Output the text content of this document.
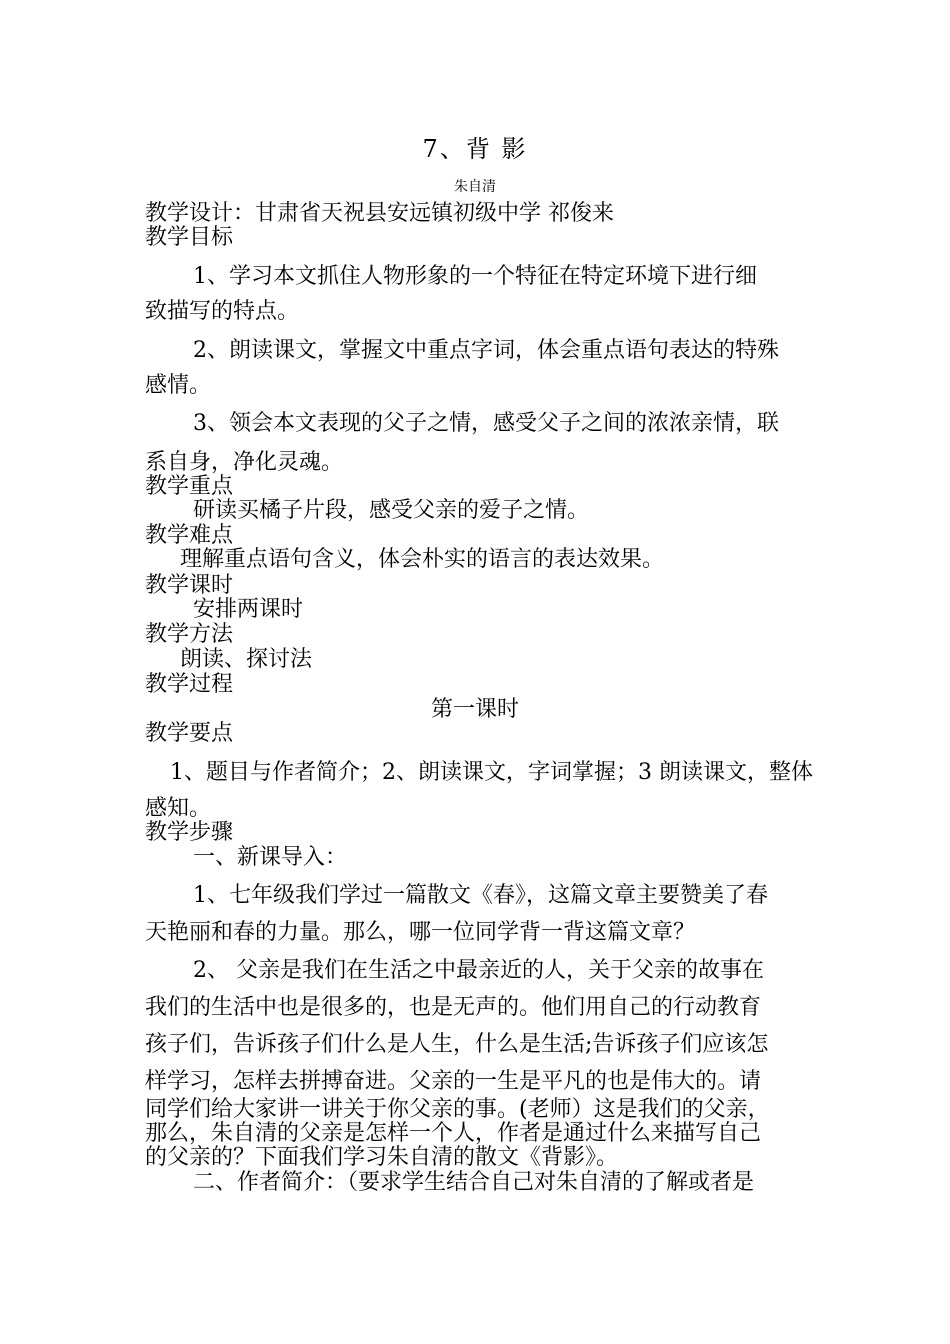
7、背 影
朱自清
教学设计：甘肃省天祝县安远镇初级中学 祁俊来
教学目标
1、学习本文抓住人物形象的一个特征在特定环境下进行细
致描写的特点。
2、朗读课文，掌握文中重点字词，体会重点语句表达的特殊
感情。
3、领会本文表现的父子之情，感受父子之间的浓浓亲情，联
系自身，净化灵魂。
教学重点
研读买橘子片段，感受父亲的爱子之情。
教学难点
理解重点语句含义，体会朴实的语言的表达效果。
教学课时
安排两课时
教学方法
朗读、探讨法
教学过程
第一课时
教学要点
1、题目与作者简介；2、朗读课文，字词掌握；3 朗读课文，整体
感知。
教学步骤
一、新课导入：
1、七年级我们学过一篇散文《春》，这篇文章主要赞美了春
天艳丽和春的力量。那么，哪一位同学背一背这篇文章？
2、 父亲是我们在生活之中最亲近的人，关于父亲的故事在
我们的生活中也是很多的，也是无声的。他们用自己的行动教育
孩子们，告诉孩子们什么是人生，什么是生活;告诉孩子们应该怎
样学习，怎样去拼搏奋进。父亲的一生是平凡的也是伟大的。请
同学们给大家讲一讲关于你父亲的事。(老师）这是我们的父亲，
那么，朱自清的父亲是怎样一个人，作者是通过什么来描写自己
的父亲的？下面我们学习朱自清的散文《背影》。
二、作者简介：（要求学生结合自己对朱自清的了解或者是
